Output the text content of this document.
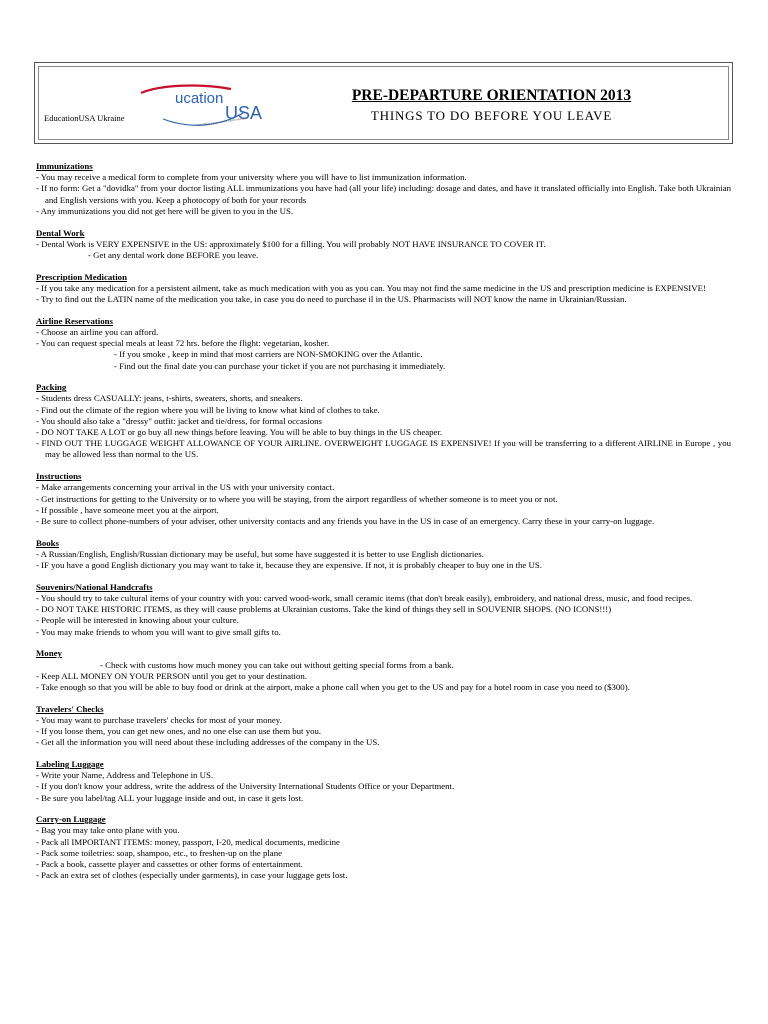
ucation
USA
Your official source on U.S. higher education
EducationUSA Ukraine
PRE-DEPARTURE ORIENTATION 2013
THINGS TO DO BEFORE YOU LEAVE
Immunizations
- You may receive a medical form to complete from your university where you will have to list immunization information.
- If no form: Get a "dovidka" from your doctor listing ALL immunizations you have had (all your life) including: dosage and dates, and have it translated officially into English. Take both Ukrainian and English versions with you. Keep a photocopy of both for your records
- Any immunizations you did not get here will be given to you in the US.
Dental Work
- Dental Work is VERY EXPENSIVE in the US: approximately $100 for a filling. You will probably NOT HAVE INSURANCE TO COVER IT.
- Get any dental work done BEFORE you leave.
Prescription Medication
- If you take any medication for a persistent ailment, take as much medication with you as you can. You may not find the same medicine in the US and prescription medicine is EXPENSIVE!
- Try to find out the LATIN name of the medication you take, in case you do need to purchase il in the US. Pharmacists will NOT know the name in Ukrainian/Russian.
Airline Reservations
- Choose an airline you can afford.
- You can request special meals at least 72 hrs. before the flight: vegetarian, kosher.
- If you smoke , keep in mind that most carriers are NON-SMOKING over the Atlantic.
- Find out the final date you can purchase your ticket if you are not purchasing it immediately.
Packing
- Students dress CASUALLY: jeans, t-shirts, sweaters, shorts, and sneakers.
- Find out the climate of the region where you will be living to know what kind of clothes to take.
- You should also take a "dressy" outfit: jacket and tie/dress, for formal occasions
- DO NOT TAKE A LOT or go buy all new things before leaving. You will be able to buy things in the US cheaper.
- FIND OUT THE LUGGAGE WEIGHT ALLOWANCE OF YOUR AIRLINE. OVERWEIGHT LUGGAGE IS EXPENSIVE! If you will be transferring to a different AIRLINE in Europe , you may be allowed less than normal to the US.
Instructions
- Make arrangements concerning your arrival in the US with your university contact.
- Get instructions for getting to the University or to where you will be staying, from the airport regardless of whether someone is to meet you or not.
- If possible , have someone meet you at the airport.
- Be sure to collect phone-numbers of your adviser, other university contacts and any friends you have in the US in case of an emergency. Carry these in your carry-on luggage.
Books
- A Russian/English, English/Russian dictionary may be useful, but some have suggested it is better to use English dictionaries.
- IF you have a good English dictionary you may want to take it, because they are expensive. If not, it is probably cheaper to buy one in the US.
Souvenirs/National Handcrafts
- You should try to take cultural items of your country with you: carved wood-work, small ceramic items (that don't break easily), embroidery, and national dress, music, and food recipes.
- DO NOT TAKE HISTORIC ITEMS, as they will cause problems at Ukrainian customs. Take the kind of things they sell in SOUVENIR SHOPS. (NO ICONS!!!)
- People will be interested in knowing about your culture.
- You may make friends to whom you will want to give small gifts to.
Money
- Check with customs how much money you can take out without getting special forms from a bank.
- Keep ALL MONEY ON YOUR PERSON until you get to your destination.
- Take enough so that you will be able to buy food or drink at the airport, make a phone call when you get to the US and pay for a hotel room in case you need to ($300).
Travelers' Checks
- You may want to purchase travelers' checks for most of your money.
- If you loose them, you can get new ones, and no one else can use them but you.
- Get all the information you will need about these including addresses of the company in the US.
Labeling Luggage
- Write your Name, Address and Telephone in US.
- If you don't know your address, write the address of the University International Students Office or your Department.
- Be sure you label/tag ALL your luggage inside and out, in case it gets lost.
Carry-on Luggage
- Bag you may take onto plane with you.
- Pack all IMPORTANT ITEMS: money, passport, I-20, medical documents, medicine
- Pack some toiletries: soap, shampoo, etc., to freshen-up on the plane
- Pack a book, cassette player and cassettes or other forms of entertainment.
- Pack an extra set of clothes (especially under garments), in case your luggage gets lost.
